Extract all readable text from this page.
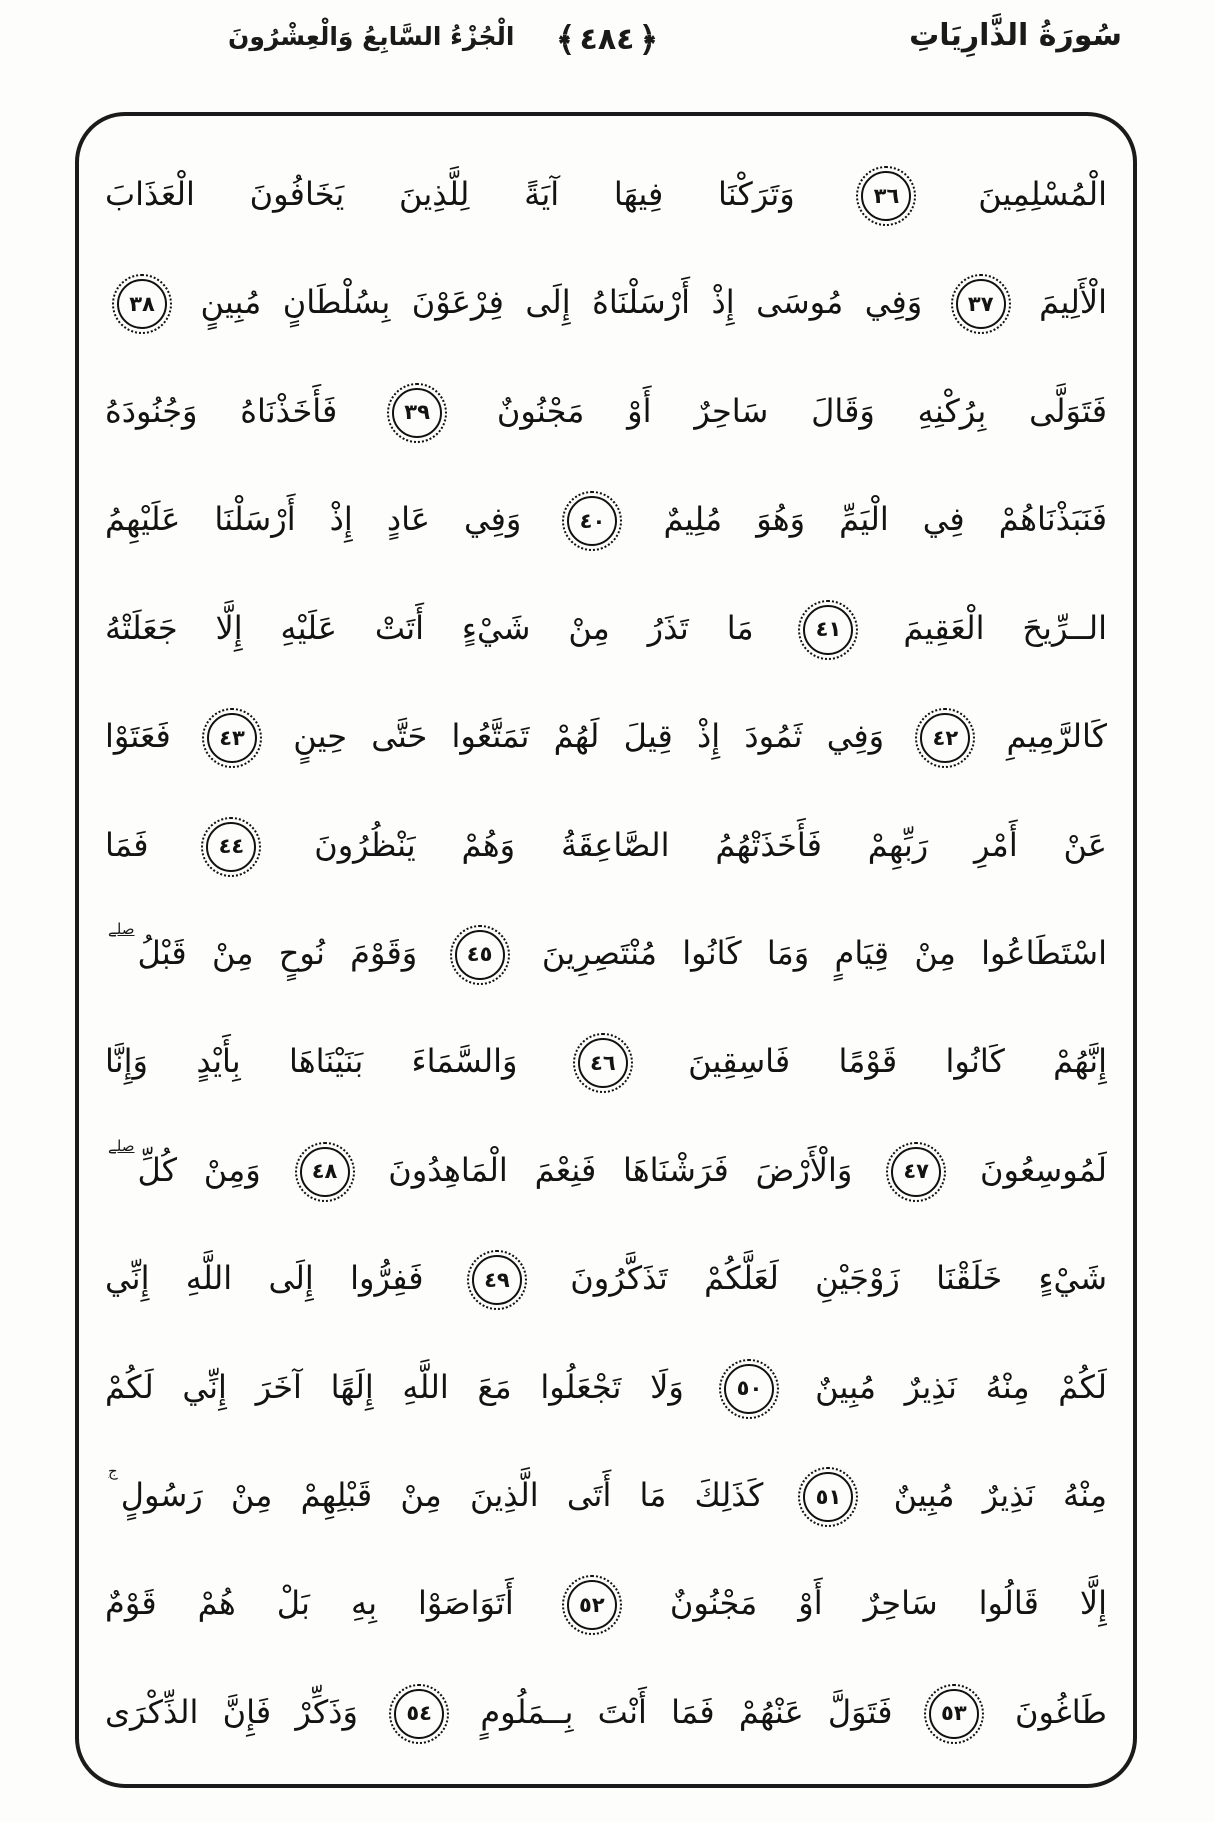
سُورَةُ الذَّارِيَاتِ
﴿
٤٨٤
﴾
الْجُزْءُ السَّابِعُ وَالْعِشْرُونَ
الْمُسْلِمِينَ
٣٦
وَتَرَكْنَا فِيهَا آيَةً لِلَّذِينَ يَخَافُونَ الْعَذَابَ
الْأَلِيمَ
٣٧
وَفِي مُوسَى إِذْ أَرْسَلْنَاهُ إِلَى فِرْعَوْنَ بِسُلْطَانٍ مُبِينٍ
٣٨
فَتَوَلَّى بِرُكْنِهِ وَقَالَ سَاحِرٌ أَوْ مَجْنُونٌ
٣٩
فَأَخَذْنَاهُ وَجُنُودَهُ
فَنَبَذْنَاهُمْ فِي الْيَمِّ وَهُوَ مُلِيمٌ
٤٠
وَفِي عَادٍ إِذْ أَرْسَلْنَا عَلَيْهِمُ
الــرِّيحَ الْعَقِيمَ
٤١
مَا تَذَرُ مِنْ شَيْءٍ أَتَتْ عَلَيْهِ إِلَّا جَعَلَتْهُ
كَالرَّمِيمِ
٤٢
وَفِي ثَمُودَ إِذْ قِيلَ لَهُمْ تَمَتَّعُوا حَتَّى حِينٍ
٤٣
فَعَتَوْا
عَنْ أَمْرِ رَبِّهِمْ فَأَخَذَتْهُمُ الصَّاعِقَةُ وَهُمْ يَنْظُرُونَ
٤٤
فَمَا
اسْتَطَاعُوا مِنْ قِيَامٍ وَمَا كَانُوا مُنْتَصِرِينَ
٤٥
وَقَوْمَ نُوحٍ مِنْ قَبْلُصلے
إِنَّهُمْ كَانُوا قَوْمًا فَاسِقِينَ
٤٦
وَالسَّمَاءَ بَنَيْنَاهَا بِأَيْدٍ وَإِنَّا
لَمُوسِعُونَ
٤٧
وَالْأَرْضَ فَرَشْنَاهَا فَنِعْمَ الْمَاهِدُونَ
٤٨
وَمِنْ كُلِّصلے
شَيْءٍ خَلَقْنَا زَوْجَيْنِ لَعَلَّكُمْ تَذَكَّرُونَ
٤٩
فَفِرُّوا إِلَى اللَّهِ إِنِّي
لَكُمْ مِنْهُ نَذِيرٌ مُبِينٌ
٥٠
وَلَا تَجْعَلُوا مَعَ اللَّهِ إِلَهًا آخَرَ إِنِّي لَكُمْ
مِنْهُ نَذِيرٌ مُبِينٌ
٥١
كَذَلِكَ مَا أَتَى الَّذِينَ مِنْ قَبْلِهِمْ مِنْ رَسُولٍج
إِلَّا قَالُوا سَاحِرٌ أَوْ مَجْنُونٌ
٥٢
أَتَوَاصَوْا بِهِ بَلْ هُمْ قَوْمٌ
طَاغُونَ
٥٣
فَتَوَلَّ عَنْهُمْ فَمَا أَنْتَ بِــمَلُومٍ
٥٤
وَذَكِّرْ فَإِنَّ الذِّكْرَى
